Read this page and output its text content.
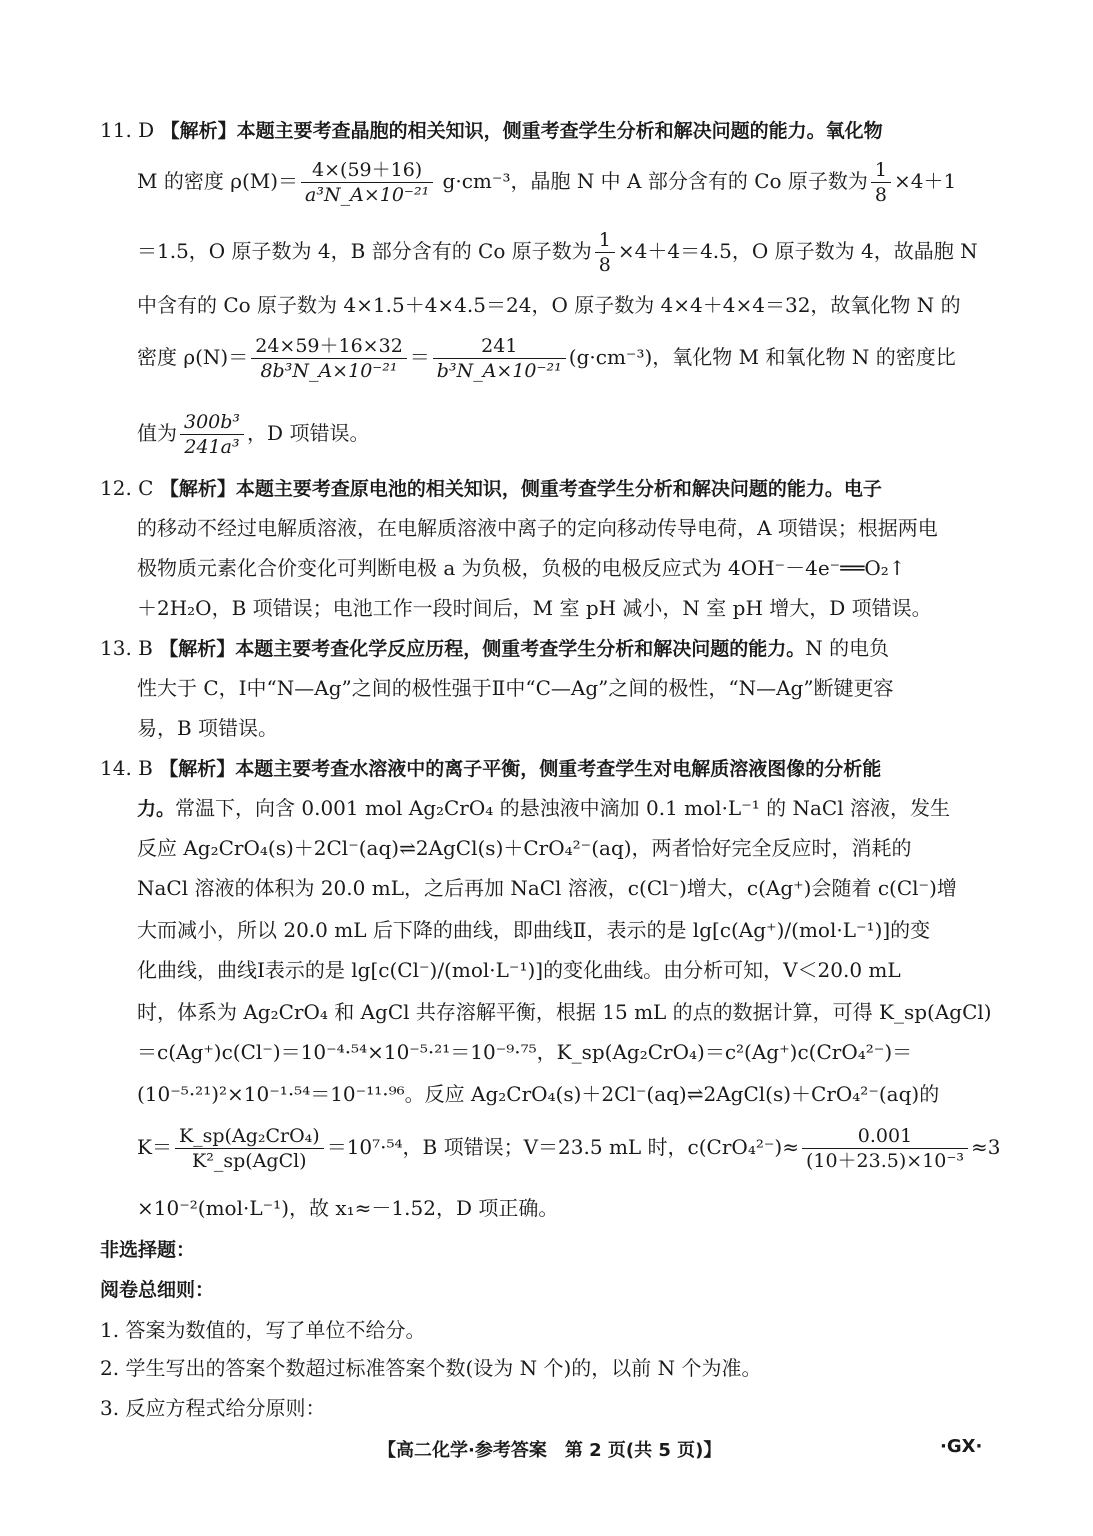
11. D 【解析】本题主要考查晶胞的相关知识，侧重考查学生分析和解决问题的能力。氧化物
M 的密度 $\rho(M)= \frac{4\times(59+16)}{\text{a³N\_A×10⁻²¹}} g\cdot cm^{-3}$，晶胞 N 中 A 部分含有的 Co 原子数为 $\frac{1}{8} \times 4+1$
＝1.5，O 原子数为 4，B 部分含有的 Co 原子数为 $\frac{1}{8} \times 4+4=4.5$，O 原子数为 4，故晶胞 N
中含有的 Co 原子数为 4×1.5＋4×4.5＝24，O 原子数为 4×4＋4×4＝32，故氧化物 N 的
密度 $\rho(N)= \frac{24\times 59+16\times 32}{\text{8b³N\_A×10⁻²¹}} = \frac{241}{\text{b³N\_A×10⁻²¹}} (g\cdot cm^{-3})$，氧化物 M 和氧化物 N 的密度比
值为 $\frac{\text{300b³}}{\text{241a³}}$ ，D 项错误。
12. C 【解析】本题主要考查原电池的相关知识，侧重考查学生分析和解决问题的能力。电子
的移动不经过电解质溶液，在电解质溶液中离子的定向移动传导电荷，A 项错误；根据两电
极物质元素化合价变化可判断电极 a 为负极，负极的电极反应式为 4OH⁻－4e⁻══O₂↑
＋2H₂O，B 项错误；电池工作一段时间后，M 室 pH 减小，N 室 pH 增大，D 项错误。
13. B 【解析】本题主要考查化学反应历程，侧重考查学生分析和解决问题的能力。N 的电负
性大于 C，Ⅰ中“N—Ag”之间的极性强于Ⅱ中“C—Ag”之间的极性，“N—Ag”断键更容
易，B 项错误。
14. B 【解析】本题主要考查水溶液中的离子平衡，侧重考查学生对电解质溶液图像的分析能
力。常温下，向含 0.001 mol Ag₂CrO₄ 的悬浊液中滴加 0.1 mol·L⁻¹ 的 NaCl 溶液，发生
反应 Ag₂CrO₄(s)＋2Cl⁻(aq)⇌2AgCl(s)＋CrO₄²⁻(aq)，两者恰好完全反应时，消耗的
NaCl 溶液的体积为 20.0 mL，之后再加 NaCl 溶液，c(Cl⁻)增大，c(Ag⁺)会随着 c(Cl⁻)增
大而减小，所以 20.0 mL 后下降的曲线，即曲线Ⅱ，表示的是 lg[c(Ag⁺)/(mol·L⁻¹)]的变
化曲线，曲线Ⅰ表示的是 lg[c(Cl⁻)/(mol·L⁻¹)]的变化曲线。由分析可知，V＜20.0 mL
时，体系为 Ag₂CrO₄ 和 AgCl 共存溶解平衡，根据 15 mL 的点的数据计算，可得 K_sp(AgCl)
＝c(Ag⁺)c(Cl⁻)＝10⁻⁴·⁵⁴×10⁻⁵·²¹＝10⁻⁹·⁷⁵，K_sp(Ag₂CrO₄)＝c²(Ag⁺)c(CrO₄²⁻)＝
(10⁻⁵·²¹)²×10⁻¹·⁵⁴＝10⁻¹¹·⁹⁶。反应 Ag₂CrO₄(s)＋2Cl⁻(aq)⇌2AgCl(s)＋CrO₄²⁻(aq)的
$K= \frac{\text{K\_sp(Ag₂CrO₄)}}{\text{K²\_sp(AgCl)}} =10^7\cdot^{54}$，B 项错误；V＝23.5 mL 时，$c(CrO_4^{2-})\approx \frac{0.001}{\text{(10＋23.5)×10⁻³}} \approx 3$
×10⁻²(mol·L⁻¹)，故 x₁≈－1.52，D 项正确。
非选择题：
阅卷总细则：
1. 答案为数值的，写了单位不给分。
2. 学生写出的答案个数超过标准答案个数(设为 N 个)的，以前 N 个为准。
3. 反应方程式给分原则：
【高二化学·参考答案　第 2 页(共 5 页)】	·GX·
